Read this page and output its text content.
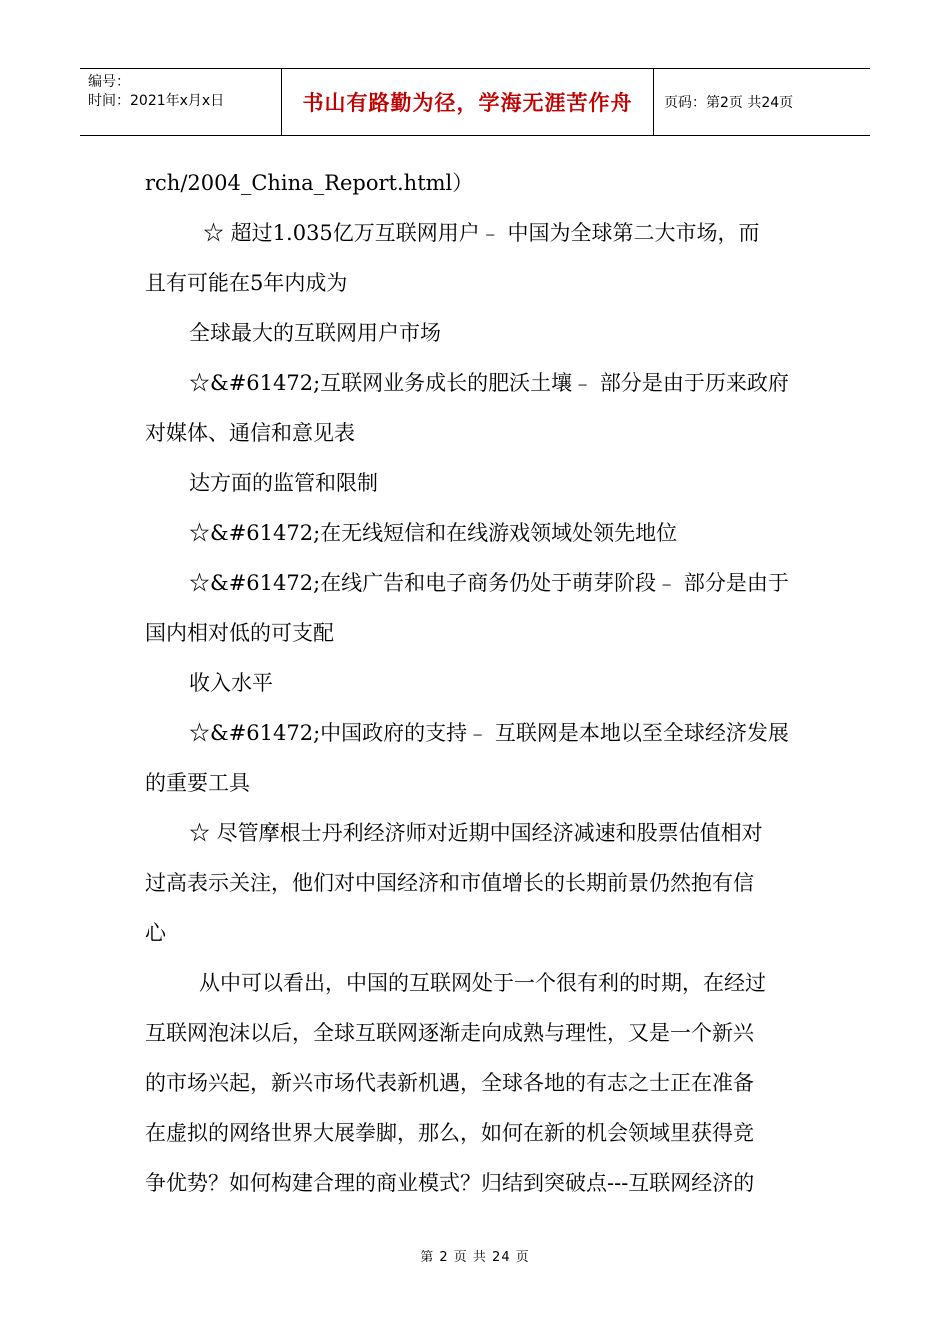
编号：
时间：2021年x月x日	书山有路勤为径，学海无涯苦作舟 页码：第2页 共24页

rch/2004_China_Report.html）

☆ 超过1.035亿万互联网用户﹣ 中国为全球第二大市场，而

且有可能在5年内成为

全球最大的互联网用户市场

☆&#61472;互联网业务成长的肥沃土壤﹣ 部分是由于历来政府

对媒体、通信和意见表

达方面的监管和限制

☆&#61472;在无线短信和在线游戏领域处领先地位

☆&#61472;在线广告和电子商务仍处于萌芽阶段﹣ 部分是由于

国内相对低的可支配

收入水平

☆&#61472;中国政府的支持﹣ 互联网是本地以至全球经济发展

的重要工具

☆ 尽管摩根士丹利经济师对近期中国经济减速和股票估值相对

过高表示关注，他们对中国经济和市值增长的长期前景仍然抱有信

心

从中可以看出，中国的互联网处于一个很有利的时期，在经过

互联网泡沫以后，全球互联网逐渐走向成熟与理性，又是一个新兴

的市场兴起，新兴市场代表新机遇，全球各地的有志之士正在准备

在虚拟的网络世界大展拳脚，那么，如何在新的机会领域里获得竞

争优势？如何构建合理的商业模式？归结到突破点---互联网经济的

第 2 页 共 24 页
